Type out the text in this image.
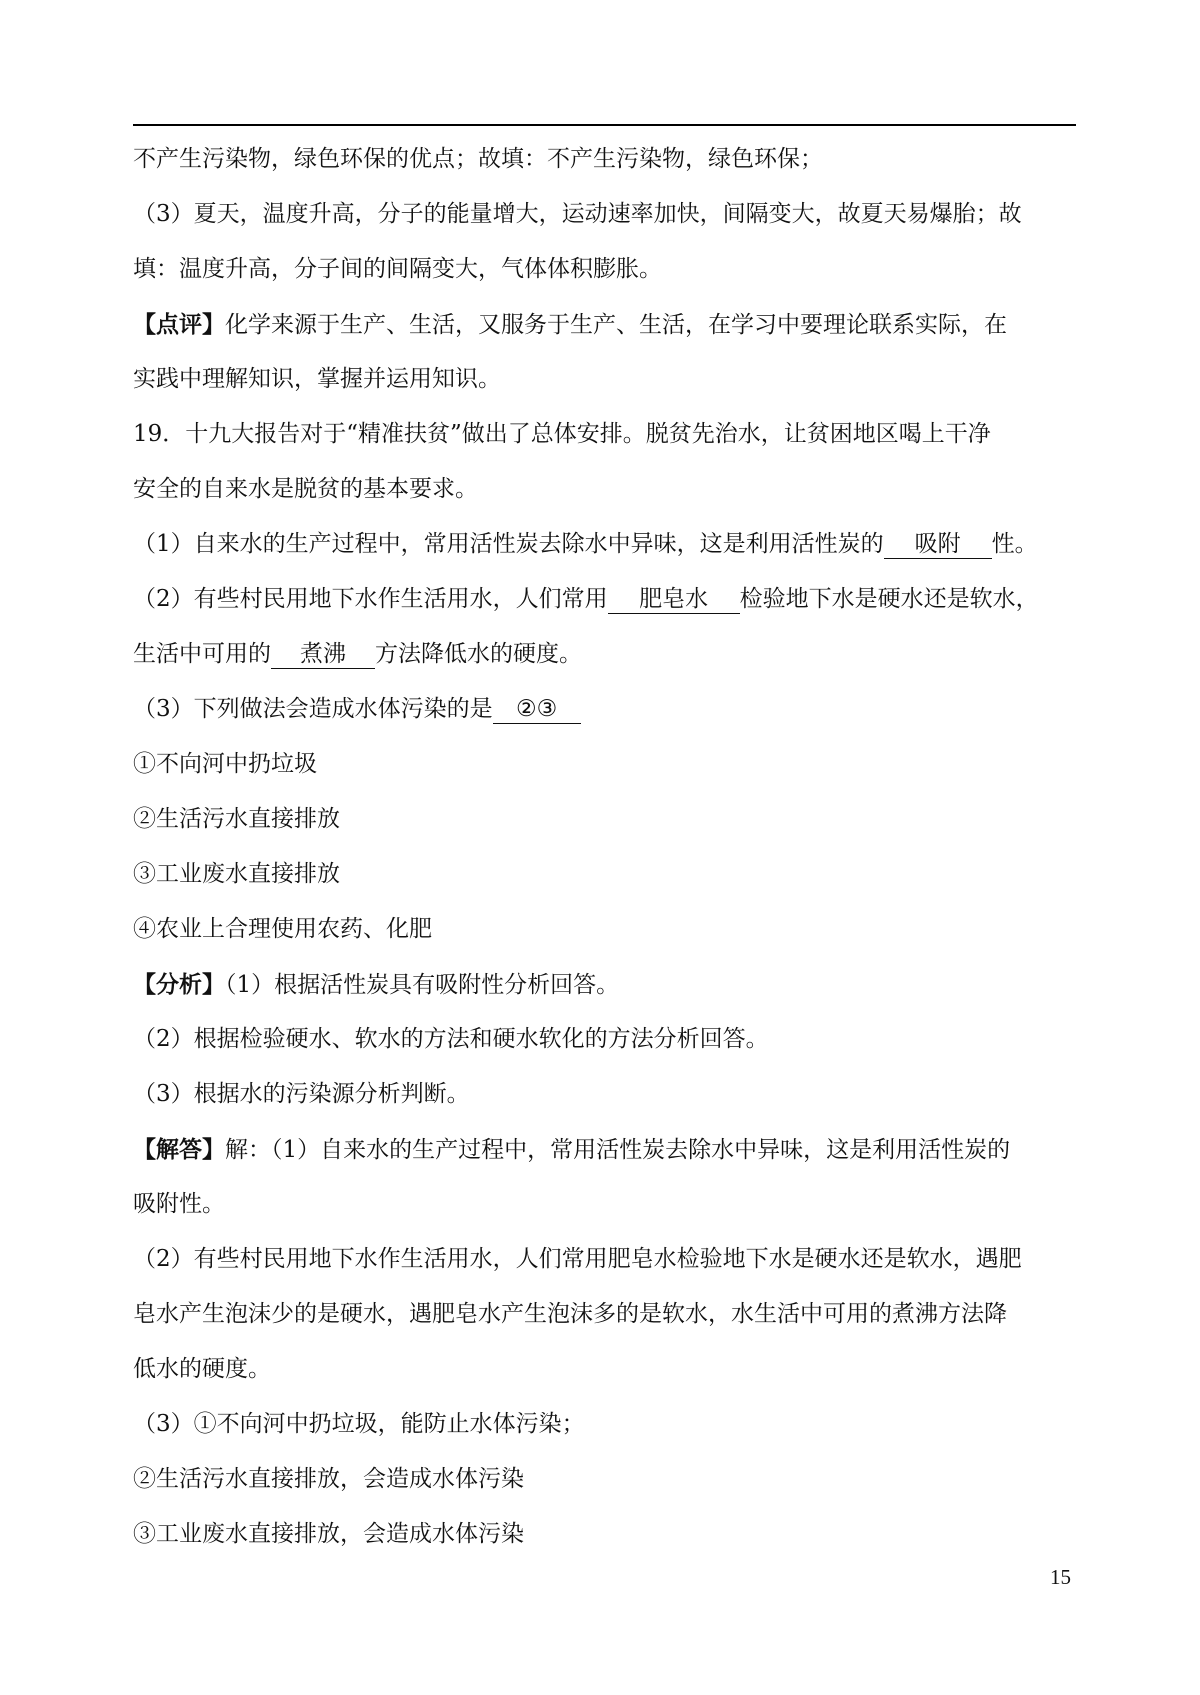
不产生污染物，绿色环保的优点；故填：不产生污染物，绿色环保；
（3）夏天，温度升高，分子的能量增大，运动速率加快，间隔变大，故夏天易爆胎；故
填：温度升高，分子间的间隔变大，气体体积膨胀。
【点评】化学来源于生产、生活，又服务于生产、生活，在学习中要理论联系实际，在
实践中理解知识，掌握并运用知识。
19．十九大报告对于“精准扶贫”做出了总体安排。脱贫先治水，让贫困地区喝上干净
安全的自来水是脱贫的基本要求。
（1）自来水的生产过程中，常用活性炭去除水中异味，这是利用活性炭的 吸附 性。
（2）有些村民用地下水作生活用水，人们常用 肥皂水 检验地下水是硬水还是软水，
生活中可用的 煮沸 方法降低水的硬度。
（3）下列做法会造成水体污染的是 ②③
①不向河中扔垃圾
②生活污水直接排放
③工业废水直接排放
④农业上合理使用农药、化肥
【分析】（1）根据活性炭具有吸附性分析回答。
（2）根据检验硬水、软水的方法和硬水软化的方法分析回答。
（3）根据水的污染源分析判断。
【解答】解：（1）自来水的生产过程中，常用活性炭去除水中异味，这是利用活性炭的
吸附性。
（2）有些村民用地下水作生活用水，人们常用肥皂水检验地下水是硬水还是软水，遇肥
皂水产生泡沫少的是硬水，遇肥皂水产生泡沫多的是软水，水生活中可用的煮沸方法降
低水的硬度。
（3）①不向河中扔垃圾，能防止水体污染；
②生活污水直接排放，会造成水体污染
③工业废水直接排放，会造成水体污染
15
